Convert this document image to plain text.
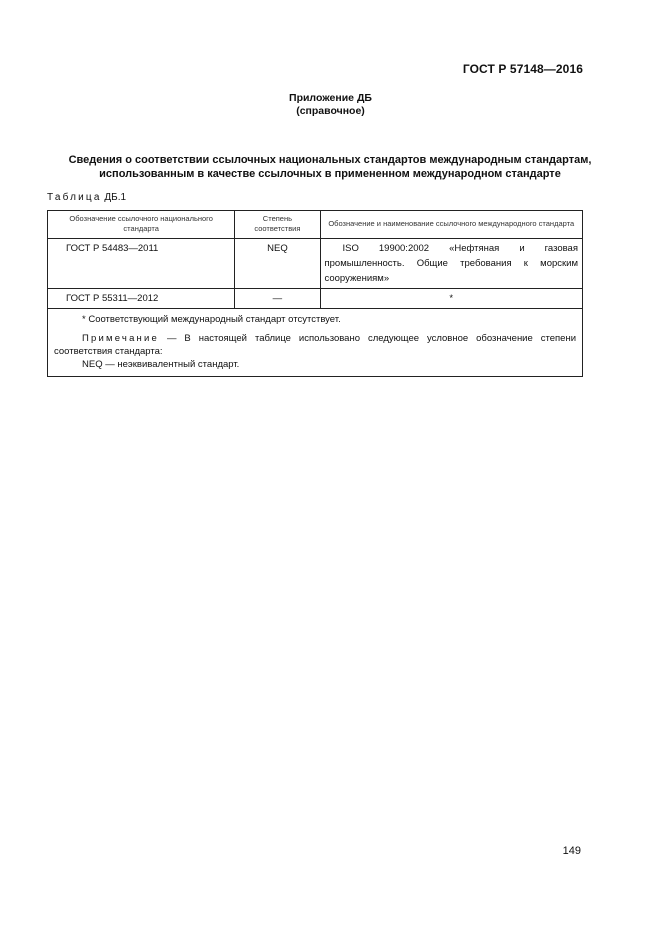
ГОСТ Р 57148—2016
Приложение ДБ
(справочное)
Сведения о соответствии ссылочных национальных стандартов международным стандартам,
использованным в качестве ссылочных в примененном международном стандарте
Таблица ДБ.1
Обозначение ссылочного национального стандарта	Степень соответствия	Обозначение и наименование ссылочного международного стандарта
ГОСТ Р 54483—2011	NEQ	ISO 19900:2002 «Нефтяная и газовая промышленность. Общие требования к морским сооружениям»
ГОСТ Р 55311—2012	—	*

* Соответствующий международный стандарт отсутствует.
Примечание — В настоящей таблице использовано следующее условное обозначение степени соответствия стандарта:
NEQ — неэквивалентный стандарт.		
149
